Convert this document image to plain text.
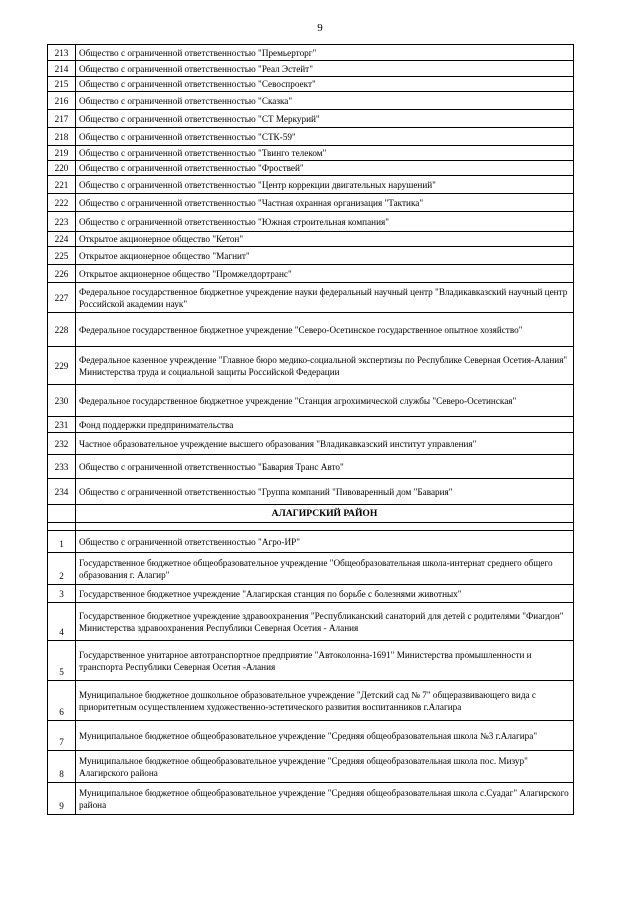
9
213	Общество с ограниченной ответственностью "Премьерторг"
214	Общество с ограниченной ответственностью "Реал Эстейт"
215	Общество с ограниченной ответственностью "Севоспроект"
216	Общество с ограниченной ответственностью "Сказка"
217	Общество с ограниченной ответственностью "СТ Меркурий"
218	Общество с ограниченной ответственностью "СТК-59"
219	Общество с ограниченной ответственностью "Твинго телеком"
220	Общество с ограниченной ответственностью "Фроствей"
221	Общество с ограниченной ответственностью "Центр коррекции двигательных нарушений"
222	Общество с ограниченной ответственностью "Частная охранная организация "Тактика"
223	Общество с ограниченной ответственностью "Южная строительная компания"
224	Открытое акционерное общество "Кетон"
225	Открытое акционерное общество "Магнит"
226	Открытое акционерное общество "Промжелдортранс"
227	Федеральное государственное бюджетное учреждение науки федеральный научный центр "Владикавказский научный центр Российской академии наук"
228	Федеральное государственное бюджетное учреждение "Северо-Осетинское государственное опытное хозяйство"
229	Федеральное казенное учреждение "Главное бюро медико-социальной экспертизы по Республике Северная Осетия-Алания" Министерства труда и социальной защиты Российской Федерации
230	Федеральное государственное бюджетное учреждение "Станция агрохимической службы "Северо-Осетинская"
231	Фонд поддержки предпринимательства
232	Частное образовательное учреждение высшего образования "Владикавказский институт управления"
233	Общество с ограниченной ответственностью "Бавария Транс Авто"
234	Общество с ограниченной ответственностью "Группа компаний "Пивоваренный дом "Бавария"
	АЛАГИРСКИЙ РАЙОН

1	Общество с ограниченной ответственностью "Агро-ИР"
2	Государственное бюджетное общеобразовательное учреждение "Общеобразовательная школа-интернат среднего общего образования г. Алагир"
3	Государственное бюджетное учреждение "Алагирская станция по борьбе с болезнями животных"
4	Государственное бюджетное учреждение здравоохранения "Республиканский санаторий для детей с родителями "Фиагдон" Министерства здравоохранения Республики Северная Осетия - Алания
5	Государственное унитарное автотранспортное предприятие "Автоколонна-1691" Министерства промышленности и транспорта Республики Северная Осетия -Алания
6	Муниципальное бюджетное дошкольное образовательное учреждение "Детский сад № 7" общеразвивающего вида с приоритетным осуществлением художественно-эстетического развития воспитанников г.Алагира
7	Муниципальное бюджетное общеобразовательное учреждение "Средняя общеобразовательная школа №3 г.Алагира"
8	Муниципальное бюджетное общеобразовательное учреждение "Средняя общеобразовательная школа пос. Мизур" Алагирского района
9	Муниципальное бюджетное общеобразовательное учреждение "Средняя общеобразовательная школа с.Суадаг" Алагирского района
